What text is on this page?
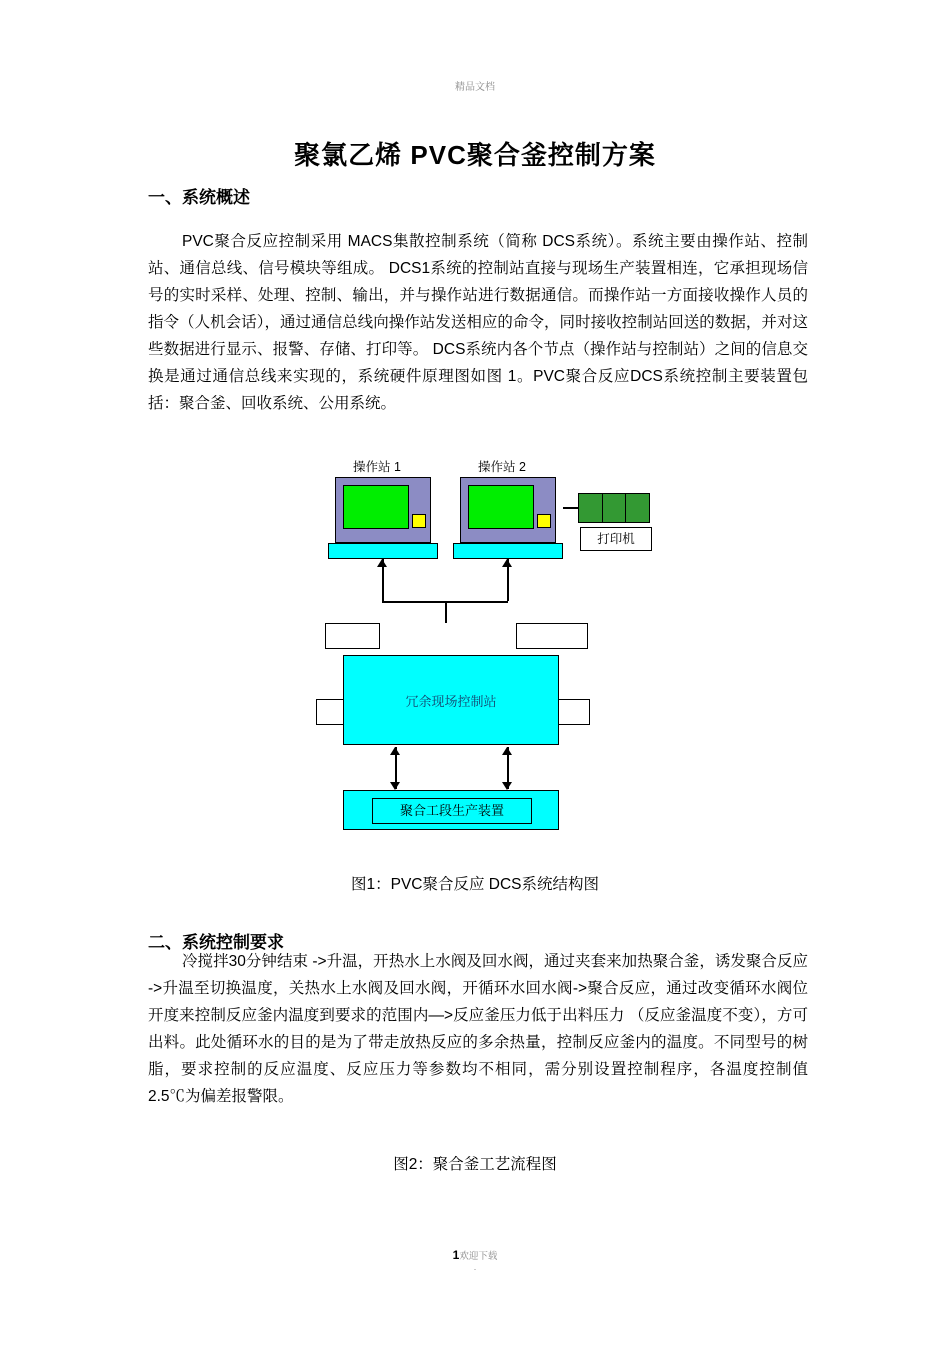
精品文档
聚氯乙烯 PVC聚合釜控制方案
一、系统概述
PVC聚合反应控制采用 MACS集散控制系统（简称 DCS系统）。系统主要由操作站、控制站、通信总线、信号模块等组成。 DCS1系统的控制站直接与现场生产装置相连，它承担现场信号的实时采样、处理、控制、输出，并与操作站进行数据通信。而操作站一方面接收操作人员的指令（人机会话），通过通信总线向操作站发送相应的命令，同时接收控制站回送的数据，并对这些数据进行显示、报警、存储、打印等。 DCS系统内各个节点（操作站与控制站）之间的信息交换是通过通信总线来实现的，系统硬件原理图如图 1。PVC聚合反应DCS系统控制主要装置包括：聚合釜、回收系统、公用系统。
操作站 1	操作站 2
打印机
冗余现场控制站
聚合工段生产装置
图1：PVC聚合反应 DCS系统结构图
二、系统控制要求
冷搅拌30分钟结束 ->升温，开热水上水阀及回水阀，通过夹套来加热聚合釜，诱发聚合反应 ->升温至切换温度，关热水上水阀及回水阀，开循环水回水阀->聚合反应，通过改变循环水阀位开度来控制反应釜内温度到要求的范围内—>反应釜压力低于出料压力 （反应釜温度不变），方可出料。此处循环水的目的是为了带走放热反应的多余热量，控制反应釜内的温度。不同型号的树脂，要求控制的反应温度、反应压力等参数均不相同，需分别设置控制程序，各温度控制值 2.5℃为偏差报警限。
图2：聚合釜工艺流程图
1欢迎下载
.
